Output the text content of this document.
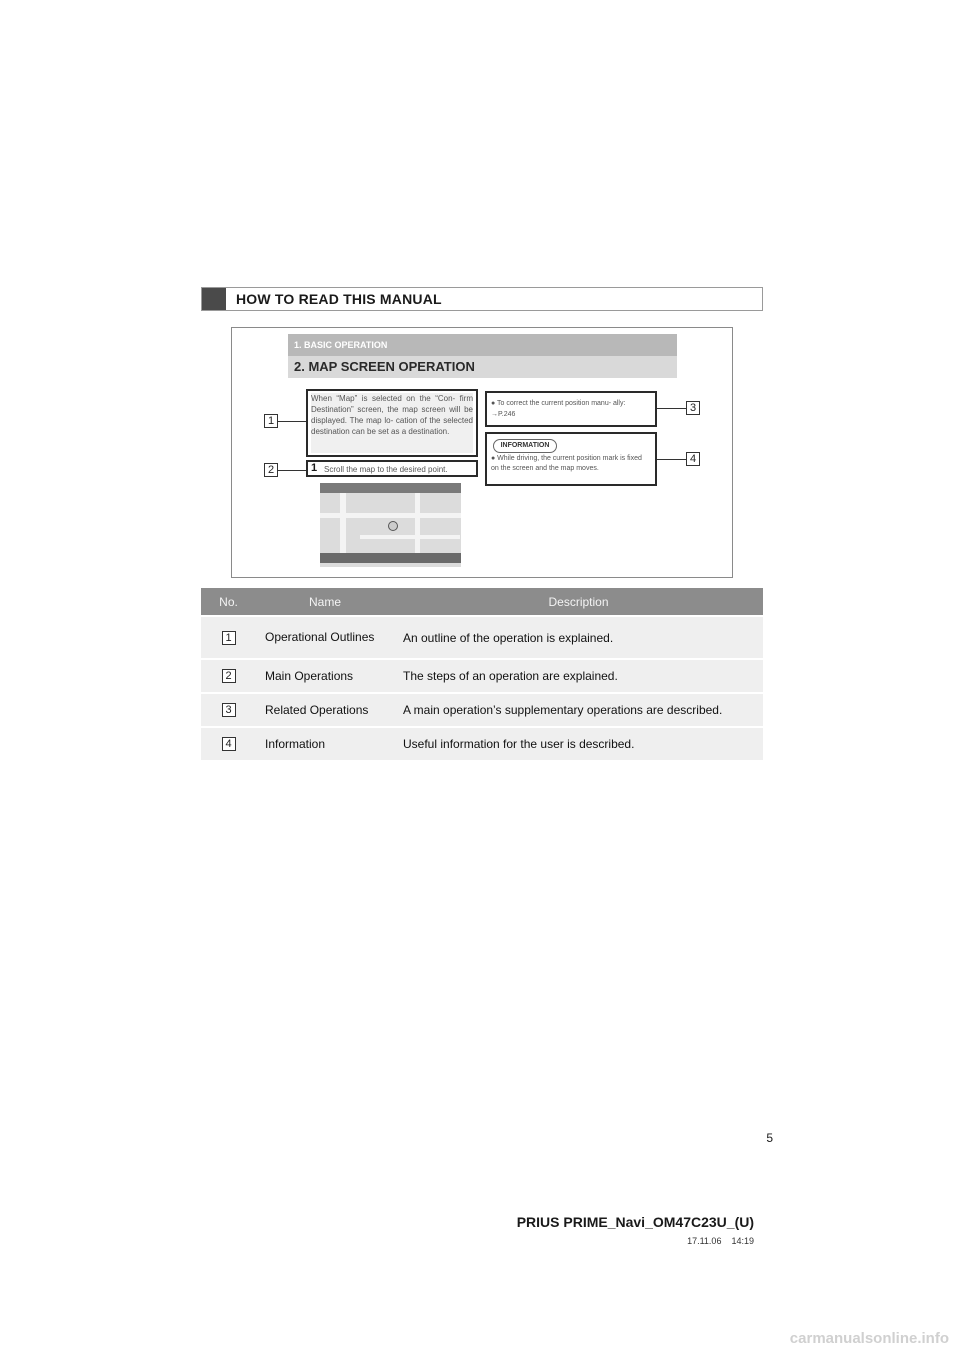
HOW TO READ THIS MANUAL
1. BASIC OPERATION
2. MAP SCREEN OPERATION

When “Map” is selected on the “Con- firm Destination” screen, the map screen will be displayed. The map lo- cation of the selected destination can be set as a destination.

1 Scroll the map to the desired point.

● To correct the current position manu- ally: →P.246

INFORMATION

● While driving, the current position mark is fixed on the screen and the map moves.

1
2
3
4
No.	Name	Description

1	Operational Outlines	An outline of the operation is explained.

2	Main Operations	The steps of an operation are explained.

3	Related Operations	A main operation’s supplementary operations are described.

4	Information	Useful information for the user is described.
5
PRIUS PRIME_Navi_OM47C23U_(U)
17.11.06 14:19
carmanualsonline.info
